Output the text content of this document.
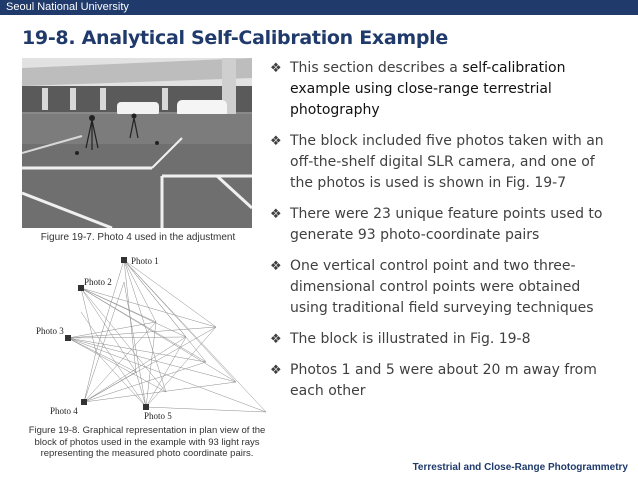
Seoul National University
19-8. Analytical Self-Calibration Example
Figure 19-7. Photo 4 used in the adjustment
Photo 1
Photo 2
Photo 3
Photo 4	Photo 5
Figure 19-8. Graphical representation in plan view of the block of photos used in the example with 93 light rays representing the measured photo coordinate pairs.
❖ This section describes a self-calibration example using close-range terrestrial photography
❖ The block included five photos taken with an off-the-shelf digital SLR camera, and one of the photos is used is shown in Fig. 19-7
❖ There were 23 unique feature points used to generate 93 photo-coordinate pairs
❖ One vertical control point and two three-dimensional control points were obtained using traditional field surveying techniques
❖ The block is illustrated in Fig. 19-8
❖ Photos 1 and 5 were about 20 m away from each other
Terrestrial and Close-Range Photogrammetry
